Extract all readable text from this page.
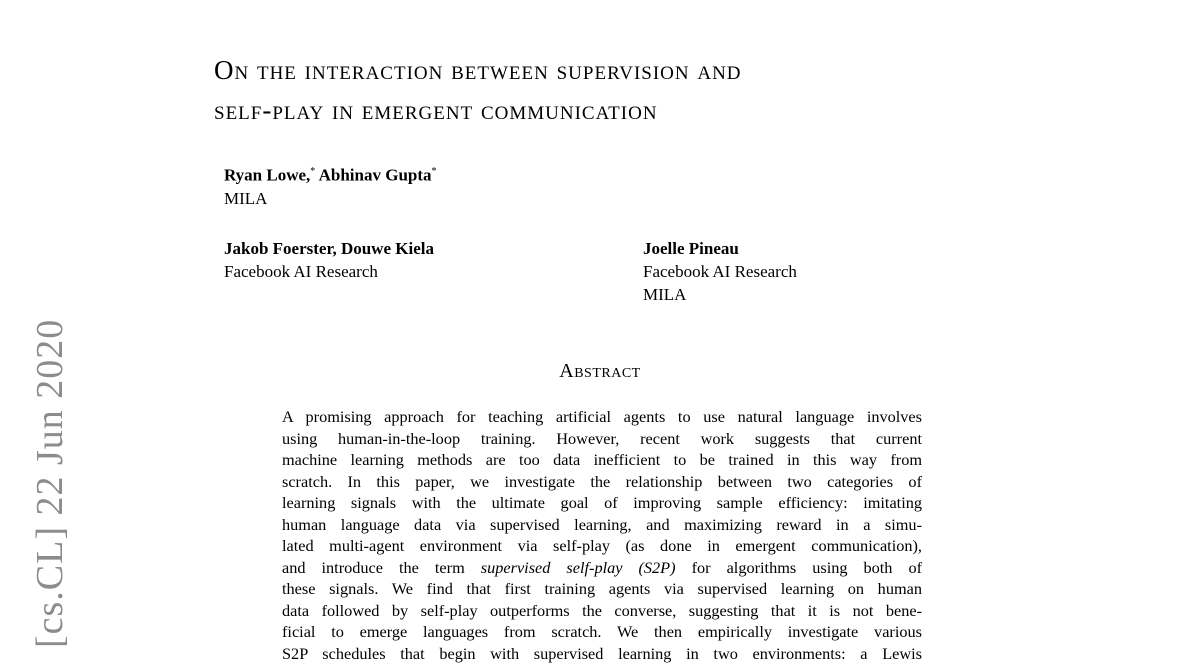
[cs.CL] 22 Jun 2020
On the interaction between supervision and
self-play in emergent communication
Ryan Lowe,* Abhinav Gupta*
MILA
Jakob Foerster, Douwe Kiela
Facebook AI Research
Joelle Pineau
Facebook AI Research
MILA
Abstract
A promising approach for teaching artificial agents to use natural language involves
using human-in-the-loop training. However, recent work suggests that current
machine learning methods are too data inefficient to be trained in this way from
scratch. In this paper, we investigate the relationship between two categories of
learning signals with the ultimate goal of improving sample efficiency: imitating
human language data via supervised learning, and maximizing reward in a simu-
lated multi-agent environment via self-play (as done in emergent communication),
and introduce the term supervised self-play (S2P) for algorithms using both of
these signals. We find that first training agents via supervised learning on human
data followed by self-play outperforms the converse, suggesting that it is not bene-
ficial to emerge languages from scratch. We then empirically investigate various
S2P schedules that begin with supervised learning in two environments: a Lewis
